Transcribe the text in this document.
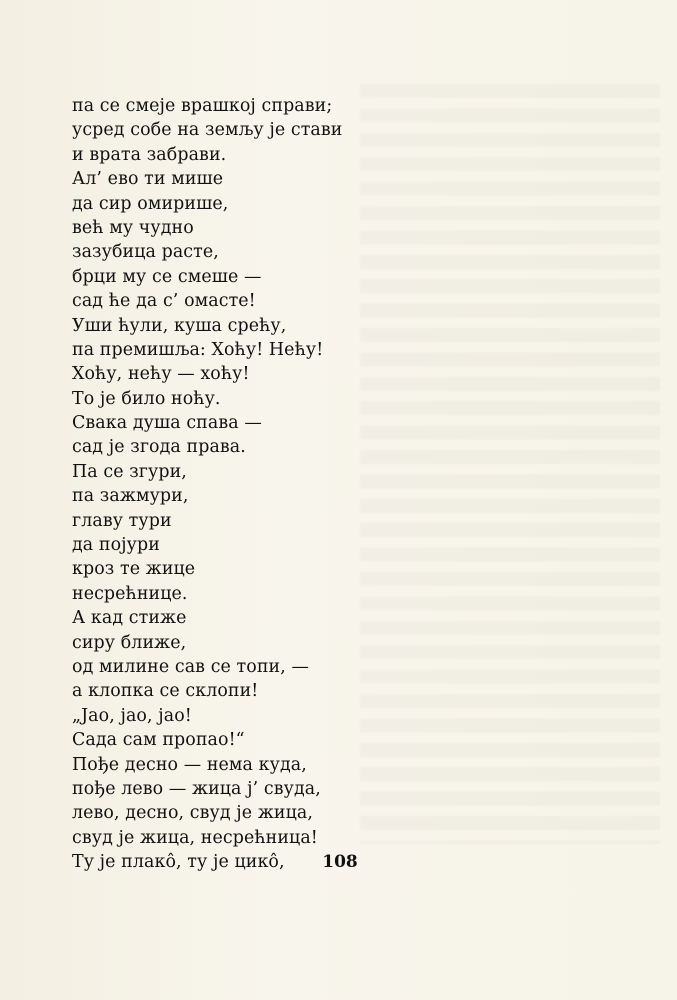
па се смеје врашкој справи;
усред собе на земљу је стави
и врата забрави.
Ал’ ево ти мише
да сир омирише,
већ му чудно
зазубица расте,
брци му се смеше —
сад ће да с’ омасте!
Уши ћули, куша срећу,
па премишља: Хоћу! Нећу!
Хоћу, нећу — хоћу!
То је било ноћу.
Свака душа спава —
сад је згода права.
Па се згури,
па зажмури,
главу тури
да појури
кроз те жице
несрећнице.
А кад стиже
сиру ближе,
од милине сав се топи, —
а клопка се склопи!
„Јао, јао, јао!
Сада сам пропао!“
Пође десно — нема куда,
пође лево — жица ј’ свуда,
лево, десно, свуд је жица,
свуд је жица, несрећница!
Ту је плакô, ту је цикô,	108
